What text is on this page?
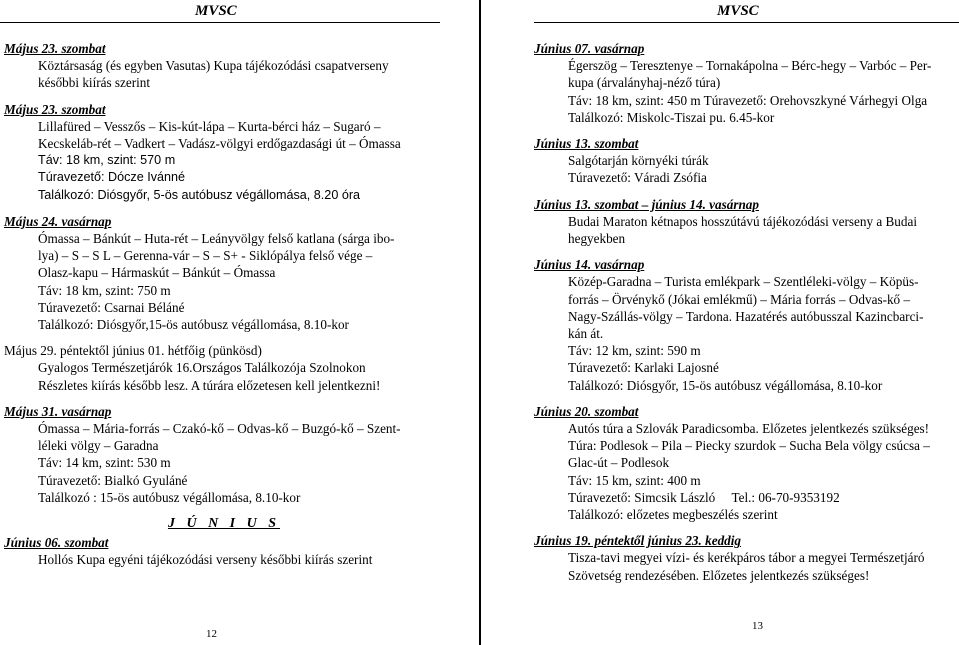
MVSC
Május 23. szombat
Köztársaság (és egyben Vasutas) Kupa tájékozódási csapatverseny
későbbi kiírás szerint
Május 23. szombat
Lillafüred – Vesszős – Kis-kút-lápa – Kurta-bérci ház – Sugaró –
Kecskeláb-rét – Vadkert – Vadász-völgyi erdőgazdasági út – Ómassa
Táv: 18 km, szint: 570 m
Túravezető: Dócze Ivánné
Találkozó: Diósgyőr, 5-ös autóbusz végállomása, 8.20 óra
Május 24. vasárnap
Ómassa – Bánkút – Huta-rét – Leányvölgy felső katlana (sárga ibo-
lya) – S – S L – Gerenna-vár – S – S+ - Siklópálya felső vége –
Olasz-kapu – Hármaskút – Bánkút – Ómassa
Táv: 18 km, szint: 750 m
Túravezető: Csarnai Béláné
Találkozó: Diósgyőr,15-ös autóbusz végállomása, 8.10-kor
Május 29. péntektől június 01. hétfőig (pünkösd)
Gyalogos Természetjárók 16.Országos Találkozója Szolnokon
Részletes kiírás később lesz. A túrára előzetesen kell jelentkezni!
Május 31. vasárnap
Ómassa – Mária-forrás – Czakó-kő – Odvas-kő – Buzgó-kő – Szent-
léleki völgy – Garadna
Táv: 14 km, szint: 530 m
Túravezető: Bialkó Gyuláné
Találkozó : 15-ös autóbusz végállomása, 8.10-kor
J Ú N I U S
Június 06. szombat
Hollós Kupa egyéni tájékozódási verseny későbbi kiírás szerint
12
MVSC
Június 07. vasárnap
Égerszög – Teresztenye – Tornakápolna – Bérc-hegy – Varbóc – Per-
kupa (árvalányhaj-néző túra)
Táv: 18 km, szint: 450 m Túravezető: Orehovszkyné Várhegyi Olga
Találkozó: Miskolc-Tiszai pu. 6.45-kor
Június 13. szombat
Salgótarján környéki túrák
Túravezető: Váradi Zsófia
Június 13. szombat – június 14. vasárnap
Budai Maraton kétnapos hosszútávú tájékozódási verseny a Budai
hegyekben
Június 14. vasárnap
Közép-Garadna – Turista emlékpark – Szentléleki-völgy – Köpüs-
forrás – Örvénykő (Jókai emlékmű) – Mária forrás – Odvas-kő –
Nagy-Szállás-völgy – Tardona. Hazatérés autóbusszal Kazincbarci-
kán át.
Táv: 12 km, szint: 590 m
Túravezető: Karlaki Lajosné
Találkozó: Diósgyőr, 15-ös autóbusz végállomása, 8.10-kor
Június 20. szombat
Autós túra a Szlovák Paradicsomba. Előzetes jelentkezés szükséges!
Túra: Podlesok – Pila – Piecky szurdok – Sucha Bela völgy csúcsa –
Glac-út – Podlesok
Táv: 15 km, szint: 400 m
Túravezető: Simcsik László     Tel.: 06-70-9353192
Találkozó: előzetes megbeszélés szerint
Június 19. péntektől június 23. keddig
Tisza-tavi megyei vízi- és kerékpáros tábor a megyei Természetjáró
Szövetség rendezésében. Előzetes jelentkezés szükséges!
13
